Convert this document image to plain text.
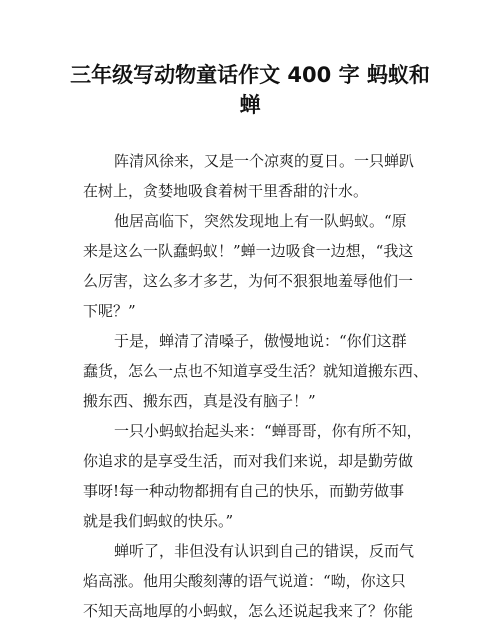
三年级写动物童话作文 400 字 蚂蚁和
蝉
阵清风徐来，又是一个凉爽的夏日。一只蝉趴
在树上，贪婪地吸食着树干里香甜的汁水。
他居高临下，突然发现地上有一队蚂蚁。“原
来是这么一队蠢蚂蚁！”蝉一边吸食一边想，“我这
么厉害，这么多才多艺，为何不狠狠地羞辱他们一
下呢？”
于是，蝉清了清嗓子，傲慢地说：“你们这群
蠢货，怎么一点也不知道享受生活？就知道搬东西、
搬东西、搬东西，真是没有脑子！”
一只小蚂蚁抬起头来：“蝉哥哥，你有所不知，
你追求的是享受生活，而对我们来说，却是勤劳做
事呀!每一种动物都拥有自己的快乐，而勤劳做事
就是我们蚂蚁的快乐。”
蝉听了，非但没有认识到自己的错误，反而气
焰高涨。他用尖酸刻薄的语气说道：“呦，你这只
不知天高地厚的小蚂蚁，怎么还说起我来了？你能
